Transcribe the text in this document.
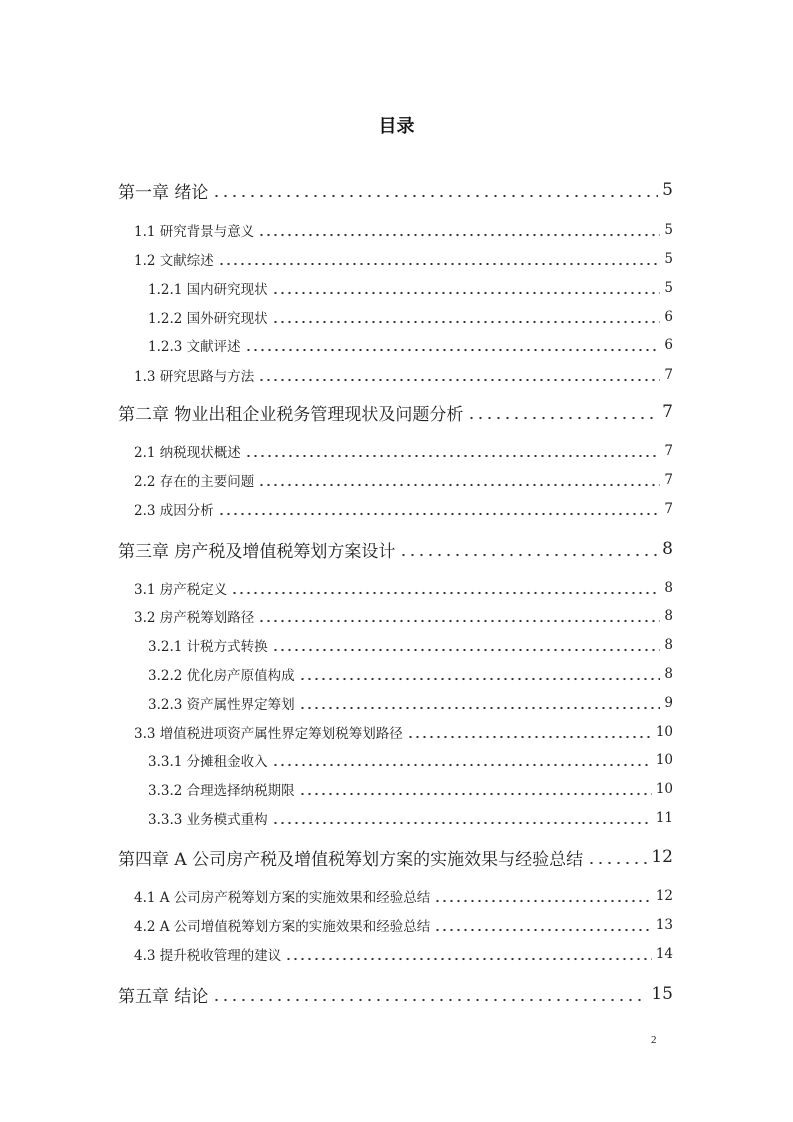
目录
第一章 绪论	5
1.1 研究背景与意义	5
1.2 文献综述	5
1.2.1 国内研究现状	5
1.2.2 国外研究现状	6
1.2.3 文献评述	6
1.3 研究思路与方法	7
第二章 物业出租企业税务管理现状及问题分析	7
2.1 纳税现状概述	7
2.2 存在的主要问题	7
2.3 成因分析	7
第三章 房产税及增值税筹划方案设计	8
3.1 房产税定义	8
3.2 房产税筹划路径	8
3.2.1 计税方式转换	8
3.2.2 优化房产原值构成	8
3.2.3 资产属性界定筹划	9
3.3 增值税进项资产属性界定筹划税筹划路径	10
3.3.1 分摊租金收入	10
3.3.2 合理选择纳税期限	10
3.3.3 业务模式重构	11
第四章 A 公司房产税及增值税筹划方案的实施效果与经验总结	12
4.1 A 公司房产税筹划方案的实施效果和经验总结	12
4.2 A 公司增值税筹划方案的实施效果和经验总结	13
4.3 提升税收管理的建议	14
第五章 结论	15
2
